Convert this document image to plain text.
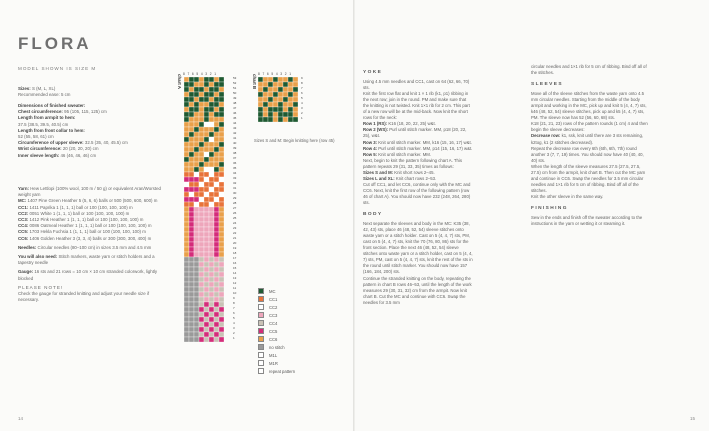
FLORA
MODEL SHOWN IS SIZE M
Sizes: S (M, L, XL)
Recommended ease: 5 cm
Dimensions of finished sweater:
Chest circumference: 95 (105, 115, 125) cm
Length from armpit to hem:
37.5 (38.5, 39.5, 40.5) cm
Length from front collar to hem:
52 (55, 58, 61) cm
Circumference of upper sleeve: 32.5 (35, 40, 45.5) cm
Wrist circumference: 20 (20, 20, 20) cm
Inner sleeve length: 46 (46, 46, 46) cm
Yarn: Hew Lettlopi (100% wool, 100 m / 50 g) or equivalent Aran/Worsted weight yarn
MC: 1407 Pine Green Heather 5 (5, 6, 6) balls or 500 (500, 600, 600) m
CC1: 1411 Paprika 1 (1, 1, 1) ball or 100 (100, 100, 100) m
CC2: 0051 White 1 (1, 1, 1) ball or 100 (100, 100, 100) m
CC3: 1412 Pink Heather 1 (1, 1, 1) ball or 100 (100, 100, 100) m
CC4: 0086 Oatmeal Heather 1 (1, 1, 1) ball or 100 (100, 100, 100) m
CC5: 1703 Hekla Fuchsia 1 (1, 1, 1) ball or 100 (100, 100, 100) m
CC6: 1406 Golden Heather 3 (3, 3, 4) balls or 300 (300, 300, 400) m
Needles: Circular needles (80–100 cm) in sizes 3.5 mm and 4.5 mm
You will also need: Stitch markers, waste yarn or stitch holders and a tapestry needle
Gauge: 16 sts and 21 rows = 10 cm × 10 cm stranded colorwork, lightly blocked
PLEASE NOTE!
Check the gauge for stranded knitting and adjust your needle size if necessary.
14
8 7 6 5 4 3 2 1
chart A	53
52
51
50
49
48
47
46
45
44
43
42
41
40
39
38
37
36
35
34
33
32
31
30
29
28
27
26
25
24
23
22
21
20
19
18
17
16
15
14
13
12
11
10
9
8
7
6
5
4
3
2
1
8 7 6 5 4 3 2 1
chart B	9
8
7
6
5
4
3
2
1
Sizes S and M: Begin knitting here (row 45)
MC
CC1
CC2
CC3
CC4
CC5
CC6
no stitch
M1L
M1R
repeat pattern
YOKE
Using 4.5 mm needles and CC1, cast on 64 (62, 66, 70) sts.
Knit the first row flat and knit 1 × 1 rib (k1, p1) ribbing in the next row; join in the round. PM and make sure that the knitting is not twisted. Knit 1×1 rib for 2 cm. This part of a new row will be at the mid-back. Now knit the short rows for the neck:
Row 1 (RS): K16 (18, 20, 22, 25) w&t.
Row 2 (WS): Purl until stitch marker. MM, p18 (20, 22, 25), w&t.
Row 3: Knit until stitch marker. MM, k16 (15, 16, 17) w&t.
Row 4: Purl until stitch marker. MM, p14 (15, 16, 17) w&t.
Row 5: Knit until stitch marker. MM.
Next, begin to knit the pattern following chart A. This pattern repeats 29 (31, 33, 35) times as follows:
Sizes S and M: Knit short rows 2–45.
Sizes L and XL: Knit chart rows 2–53.
Cut off CC1, and let CC6, continue only with the MC and CC6. Next, knit the first row of the following pattern (row 46 of chart A). You should now have 232 (248, 264, 280) sts.
BODY
Next separate the sleeves and body in the MC: K35 (38, 42, 43) sts, place 46 (48, 52, 54) sleeve stitches onto waste yarn or a stitch holder. Cast on 5 (4, 4, 7) sts, PM, cast on 5 (4, 4, 7) sts, knit the 70 (76, 80, 86) sts for the front section. Place the next 46 (48, 52, 54) sleeve stitches onto waste yarn or a stitch holder, cast on 5 (4, 4, 7) sts, PM, cast on 5 (4, 4, 7) sts, knit the rest of the sts in the round until stitch marker. You should now have 157 (166, 184, 200) sts.
Continue the stranded knitting on the body, repeating the pattern in chart B rows 46–53, until the length of the work measures 29 (30, 31, 32) cm from the armpit. Now knit chart B. Cut the MC and continue with CC6. Swap the needles for 3.5 mm
circular needles and 1×1 rib for 5 cm of ribbing. Bind off all of the stitches.
SLEEVES
Move all of the sleeve stitches from the waste yarn onto 4.5 mm circular needles. Starting from the middle of the body armpit and working in the MC, pick up and knit 5 (4, 4, 7) sts, k46 (48, 52, 54) sleeve stitches, pick up and k5 (4, 4, 7) sts, PM. The sleeve now has 52 (56, 60, 68) sts.
K18 (21, 21, 23) rows of the pattern rounds (1 cm) 4 and then begin the sleeve decreases:
Decrease row: k1, ssk, knit until there are 3 sts remaining, k2tog, k1 (2 stitches decreased).
Repeat the decrease row every 6th (6th, 6th, 7th) round another 3 (7, 7, 19) times. You should now have 40 (40, 40, 40) sts.
When the length of the sleeve measures 27.5 (27.5, 27.5, 27.5) cm from the armpit, knit chart B. Then cut the MC yarn and continue in CC6. Swap the needles for 3.5 mm circular needles and 1×1 rib for 5 cm of ribbing. Bind off all of the stitches.
Knit the other sleeve in the same way.
FINISHING
Sew in the ends and finish off the sweater according to the instructions in the yarn or wetting it or steaming it.
15
